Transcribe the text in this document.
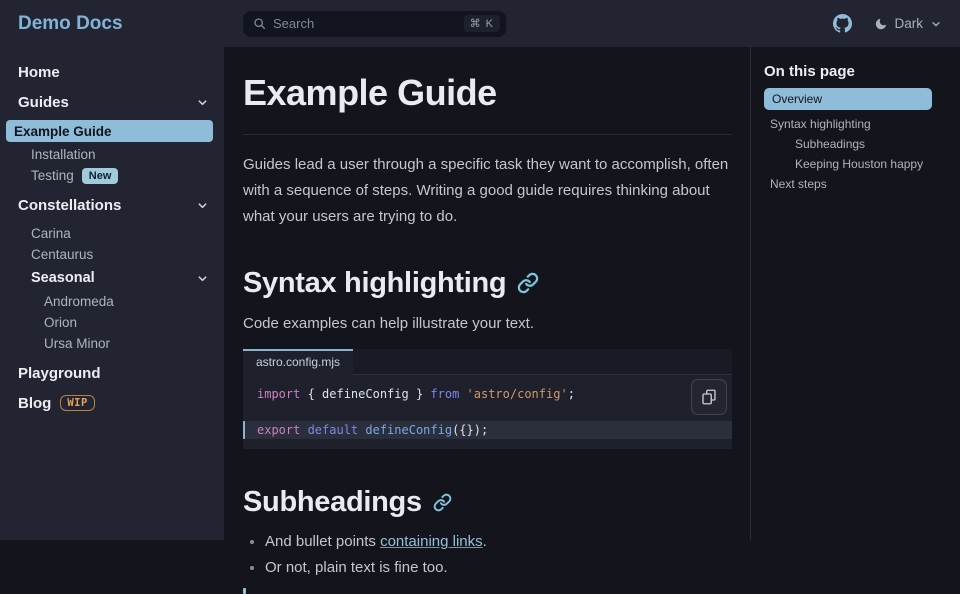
Demo Docs	Search	⌘ K	Dark
Home
Guides
Example Guide
Installation
Testing	New
Constellations
Carina
Centaurus
Seasonal
Andromeda
Orion
Ursa Minor
Playground
Blog	WIP
Example Guide

Guides lead a user through a specific task they want to accomplish, often with a sequence of steps. Writing a good guide requires thinking about what your users are trying to do.

Syntax highlighting

Code examples can help illustrate your text.

astro.config.mjs
import { defineConfig } from 'astro/config';

export default defineConfig({});
Subheadings
• And bullet points containing links.
• Or not, plain text is fine too.
On this page
Overview
Syntax highlighting
Subheadings
Keeping Houston happy
Next steps
